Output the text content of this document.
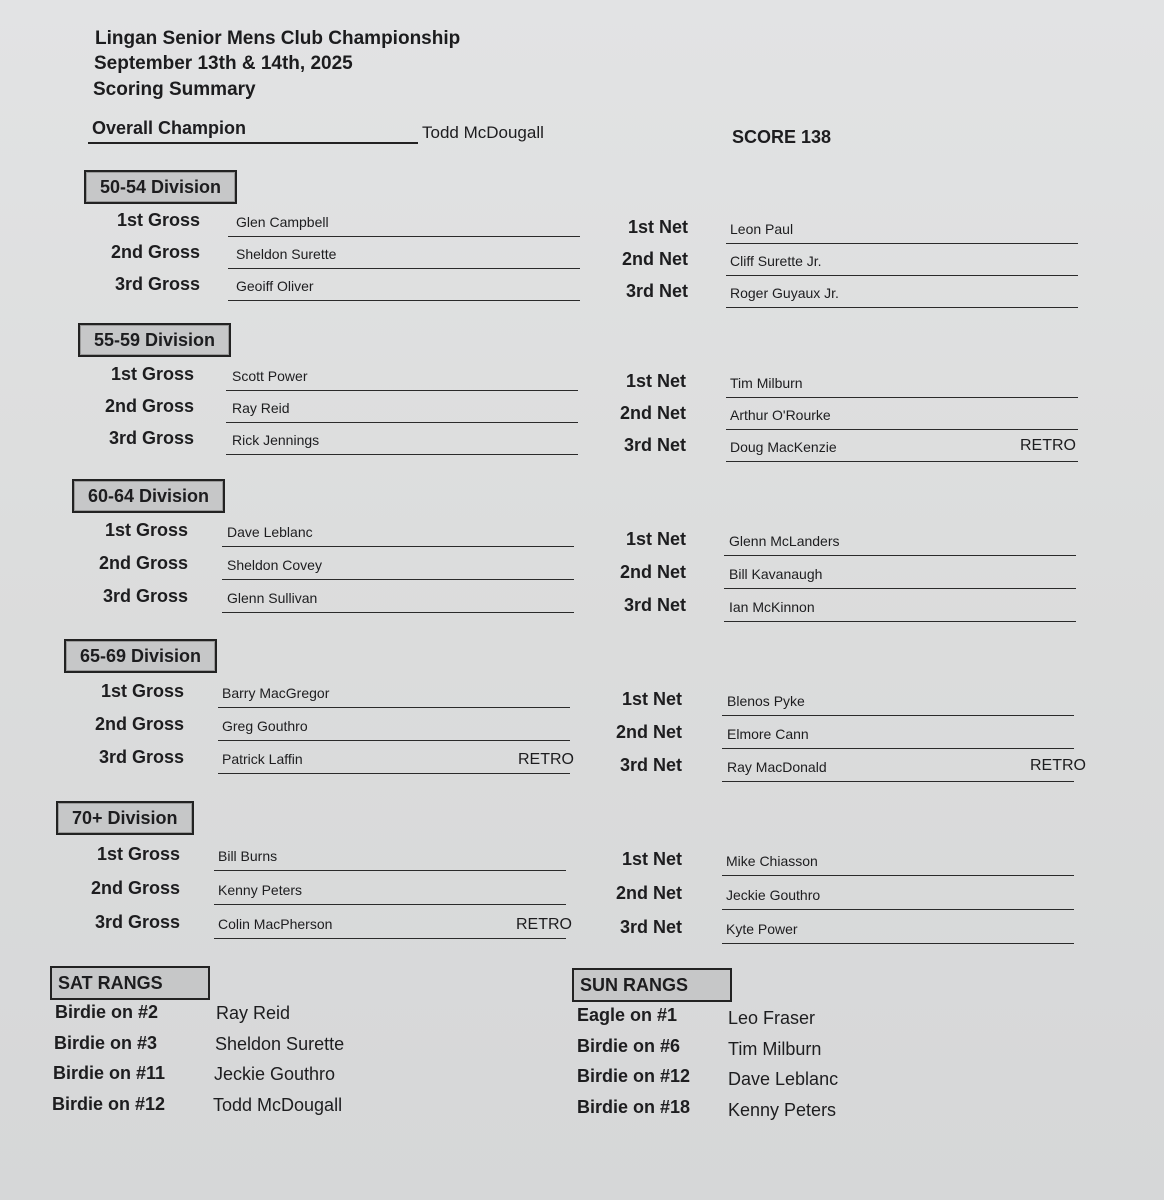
Lingan Senior Mens Club Championship
September 13th & 14th, 2025
Scoring Summary
Overall Champion	Todd McDougall	SCORE 138
50-54 Division
1st Gross	Glen Campbell
2nd Gross	Sheldon Surette
3rd Gross	Geoiff Oliver
1st Net	Leon Paul
2nd Net	Cliff Surette Jr.
3rd Net	Roger Guyaux Jr.
55-59 Division
1st Gross	Scott Power
2nd Gross	Ray Reid
3rd Gross	Rick Jennings
1st Net	Tim Milburn
2nd Net	Arthur O'Rourke
3rd Net	Doug MacKenzie	RETRO
60-64 Division
1st Gross	Dave Leblanc
2nd Gross	Sheldon Covey
3rd Gross	Glenn Sullivan
1st Net	Glenn McLanders
2nd Net	Bill Kavanaugh
3rd Net	Ian McKinnon
65-69 Division
1st Gross	Barry MacGregor
2nd Gross	Greg Gouthro
3rd Gross	Patrick Laffin	RETRO
1st Net	Blenos Pyke
2nd Net	Elmore Cann
3rd Net	Ray MacDonald	RETRO
70+ Division
1st Gross	Bill Burns
2nd Gross	Kenny Peters
3rd Gross	Colin MacPherson	RETRO
1st Net	Mike Chiasson
2nd Net	Jeckie Gouthro
3rd Net	Kyte Power
SAT RANGS
Birdie on #2	Ray Reid
Birdie on #3	Sheldon Surette
Birdie on #11	Jeckie Gouthro
Birdie on #12	Todd McDougall
SUN RANGS
Eagle on #1	Leo Fraser
Birdie on #6	Tim Milburn
Birdie on #12 Dave Leblanc
Birdie on #18 Kenny Peters
